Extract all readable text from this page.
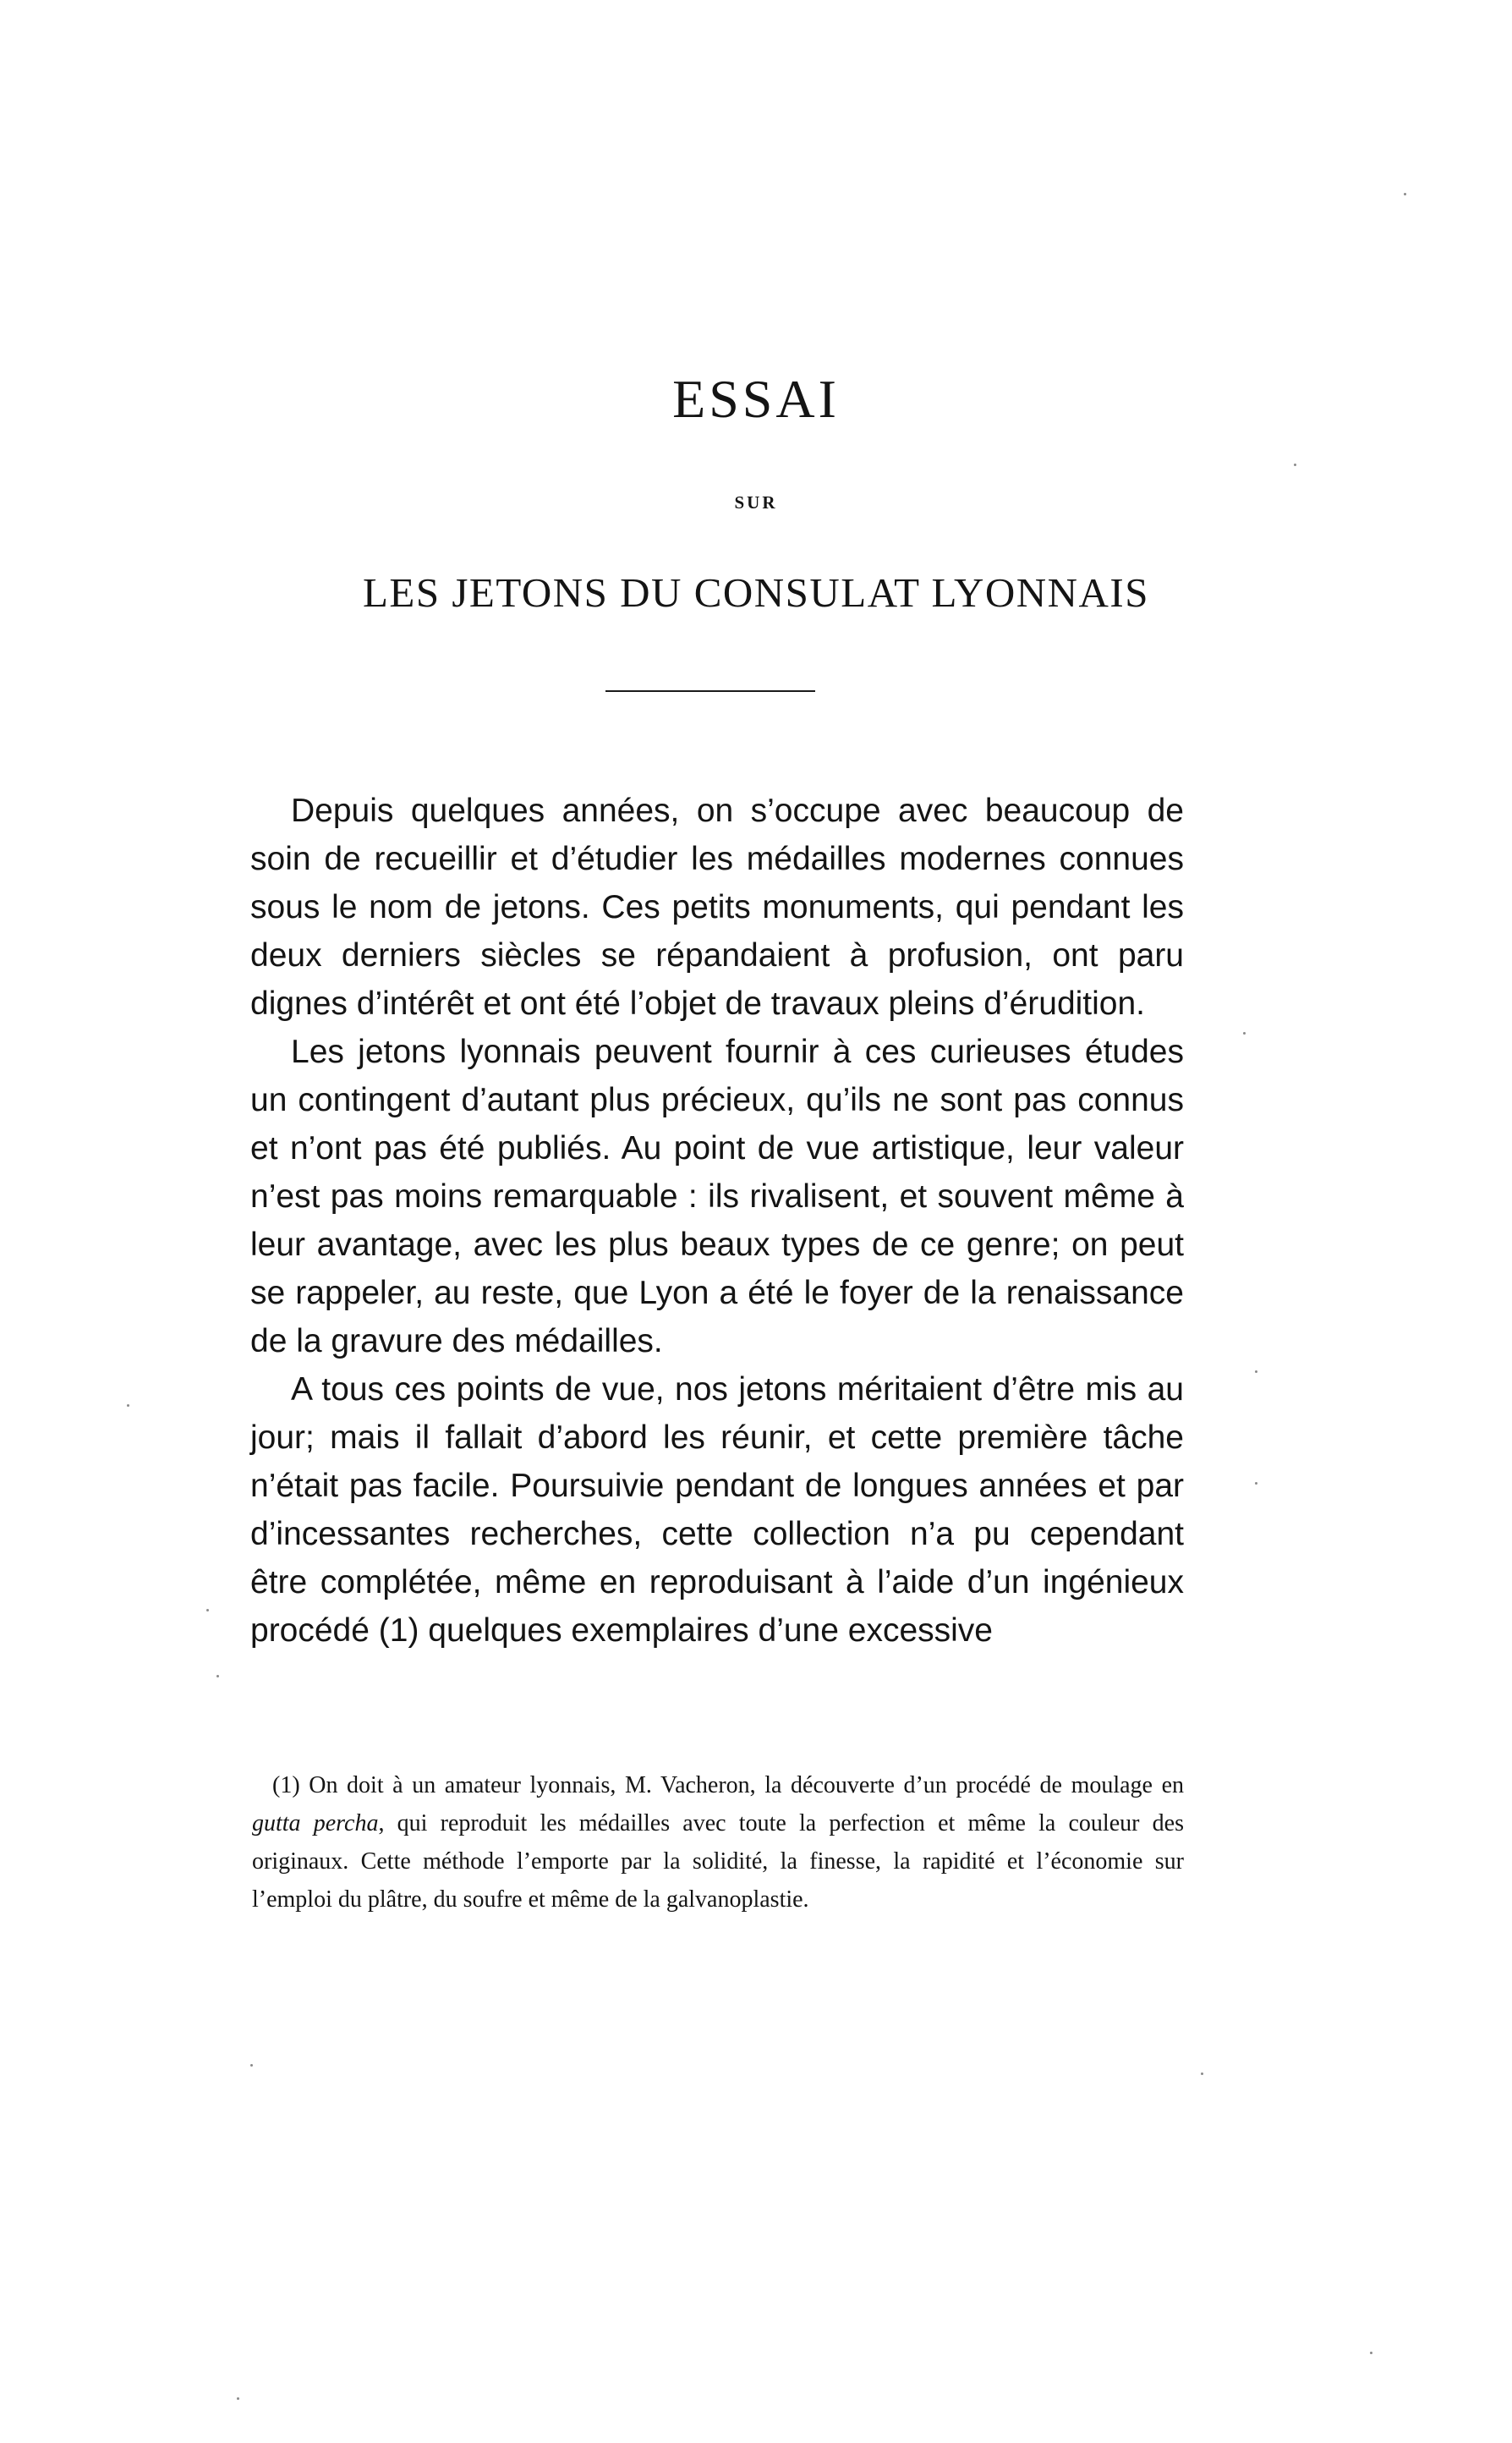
ESSAI
SUR
LES JETONS DU CONSULAT LYONNAIS

Depuis quelques années, on s’occupe avec beaucoup de soin de recueillir et d’étudier les médailles modernes connues sous le nom de jetons. Ces petits monuments, qui pendant les deux derniers siècles se répandaient à profusion, ont paru dignes d’intérêt et ont été l’objet de travaux pleins d’érudition.

Les jetons lyonnais peuvent fournir à ces curieuses études un contingent d’autant plus précieux, qu’ils ne sont pas connus et n’ont pas été publiés. Au point de vue artistique, leur valeur n’est pas moins remarquable : ils rivalisent, et souvent même à leur avantage, avec les plus beaux types de ce genre; on peut se rappeler, au reste, que Lyon a été le foyer de la renaissance de la gravure des médailles.

A tous ces points de vue, nos jetons méritaient d’être mis au jour; mais il fallait d’abord les réunir, et cette première tâche n’était pas facile. Poursuivie pendant de longues années et par d’incessantes recherches, cette collection n’a pu cependant être complétée, même en reproduisant à l’aide d’un ingénieux procédé (1) quelques exemplaires d’une excessive

(1) On doit à un amateur lyonnais, M. Vacheron, la découverte d’un procédé de moulage en gutta percha, qui reproduit les médailles avec toute la perfection et même la couleur des originaux. Cette méthode l’emporte par la solidité, la finesse, la rapidité et l’économie sur l’emploi du plâtre, du soufre et même de la galvanoplastie.
